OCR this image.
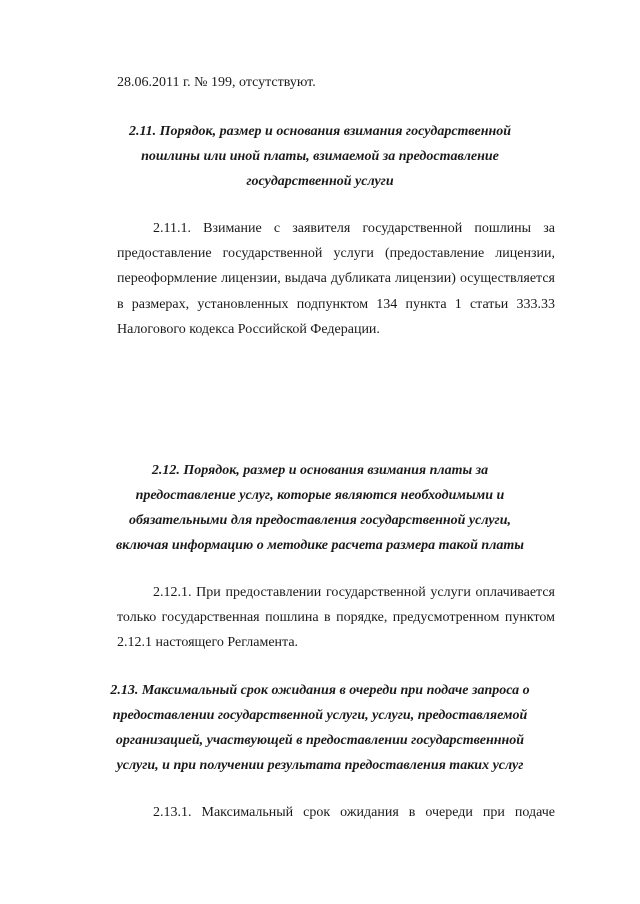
28.06.2011 г. № 199, отсутствуют.
2.11. Порядок, размер и основания взимания государственной
пошлины или иной платы, взимаемой за предоставление
государственной услуги
2.11.1. Взимание с заявителя государственной пошлины за
предоставление государственной услуги (предоставление лицензии,
переоформление лицензии, выдача дубликата лицензии) осуществляется
в размерах, установленных подпунктом 134 пункта 1 статьи 333.33
Налогового кодекса Российской Федерации.
2.12. Порядок, размер и основания взимания платы за
предоставление услуг, которые являются необходимыми и
обязательными для предоставления государственной услуги,
включая информацию о методике расчета размера такой платы
2.12.1. При предоставлении государственной услуги оплачивается
только государственная пошлина в порядке, предусмотренном пунктом
2.12.1 настоящего Регламента.
2.13. Максимальный срок ожидания в очереди при подаче запроса о
предоставлении государственной услуги, услуги, предоставляемой
организацией, участвующей в предоставлении государственнной
услуги, и при получении результата предоставления таких услуг
2.13.1. Максимальный срок ожидания в очереди при подаче
